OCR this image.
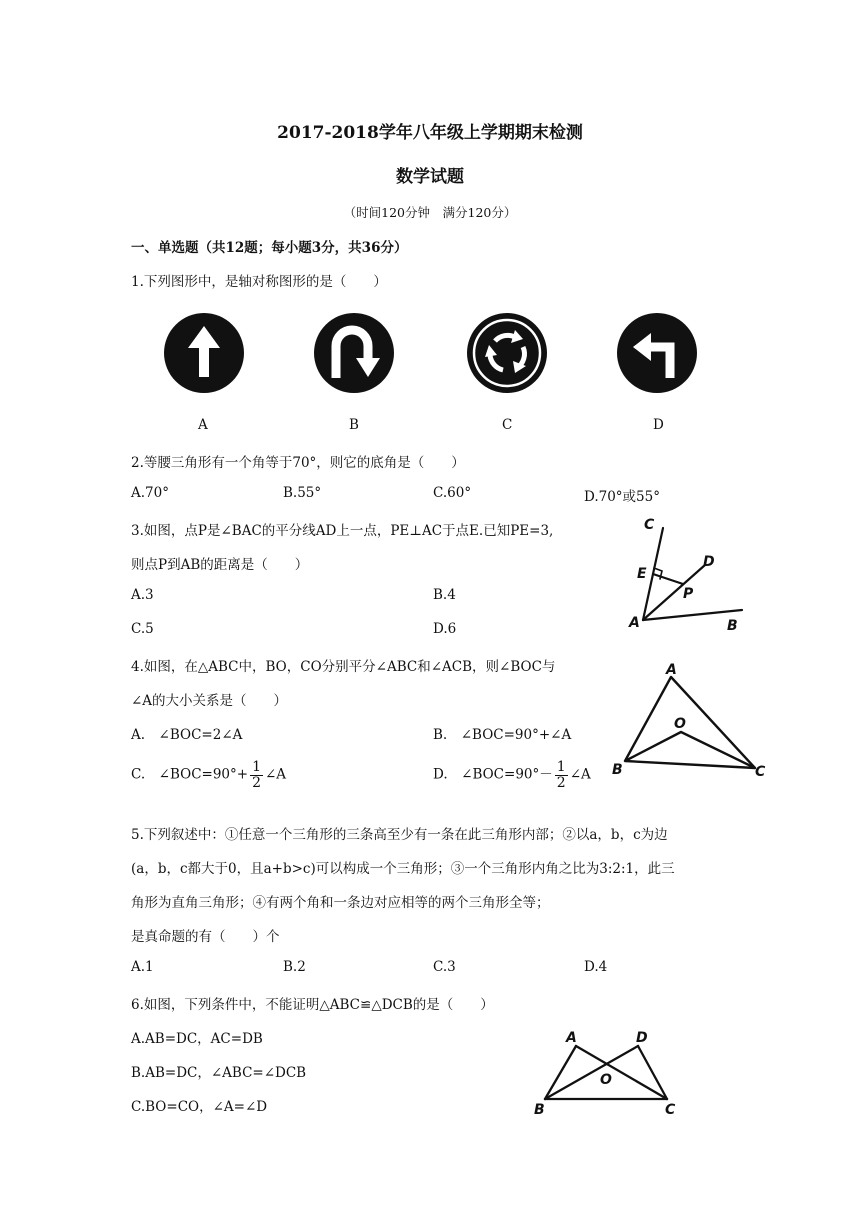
2017-2018学年八年级上学期期末检测
数学试题
（时间120分钟　满分120分）
一、单选题（共12题；每小题3分，共36分）
1.下列图形中，是轴对称图形的是（　　）
A	B	C	D
2.等腰三角形有一个角等于70°，则它的底角是（　　）
A.70°	B.55°	C.60°	D.70°或55°
3.如图，点P是∠BAC的平分线AD上一点，PE⊥AC于点E.已知PE=3,
则点P到AB的距离是（　　）
A.3	B.4
C.5	D.6
C
D
E
P
A	B
4.如图，在△ABC中，BO，CO分别平分∠ABC和∠ACB，则∠BOC与
∠A的大小关系是（　　）
A.　∠BOC=2∠A	B.　∠BOC=90°+∠A
C.　∠BOC=90°+ $\frac{1}{2}$ ∠A	D.　∠BOC=90°－ $\frac{1}{2}$ ∠A
A
O
B	C
5.下列叙述中：①任意一个三角形的三条高至少有一条在此三角形内部；②以a，b，c为边
(a，b，c都大于0，且a+b>c)可以构成一个三角形；③一个三角形内角之比为3:2:1，此三
角形为直角三角形；④有两个角和一条边对应相等的两个三角形全等；
是真命题的有（　　）个
A.1	B.2	C.3	D.4
6.如图，下列条件中，不能证明△ABC≌△DCB的是（　　）
A.AB=DC，AC=DB
B.AB=DC，∠ABC=∠DCB
C.BO=CO，∠A=∠D
A	D
O
B	C
